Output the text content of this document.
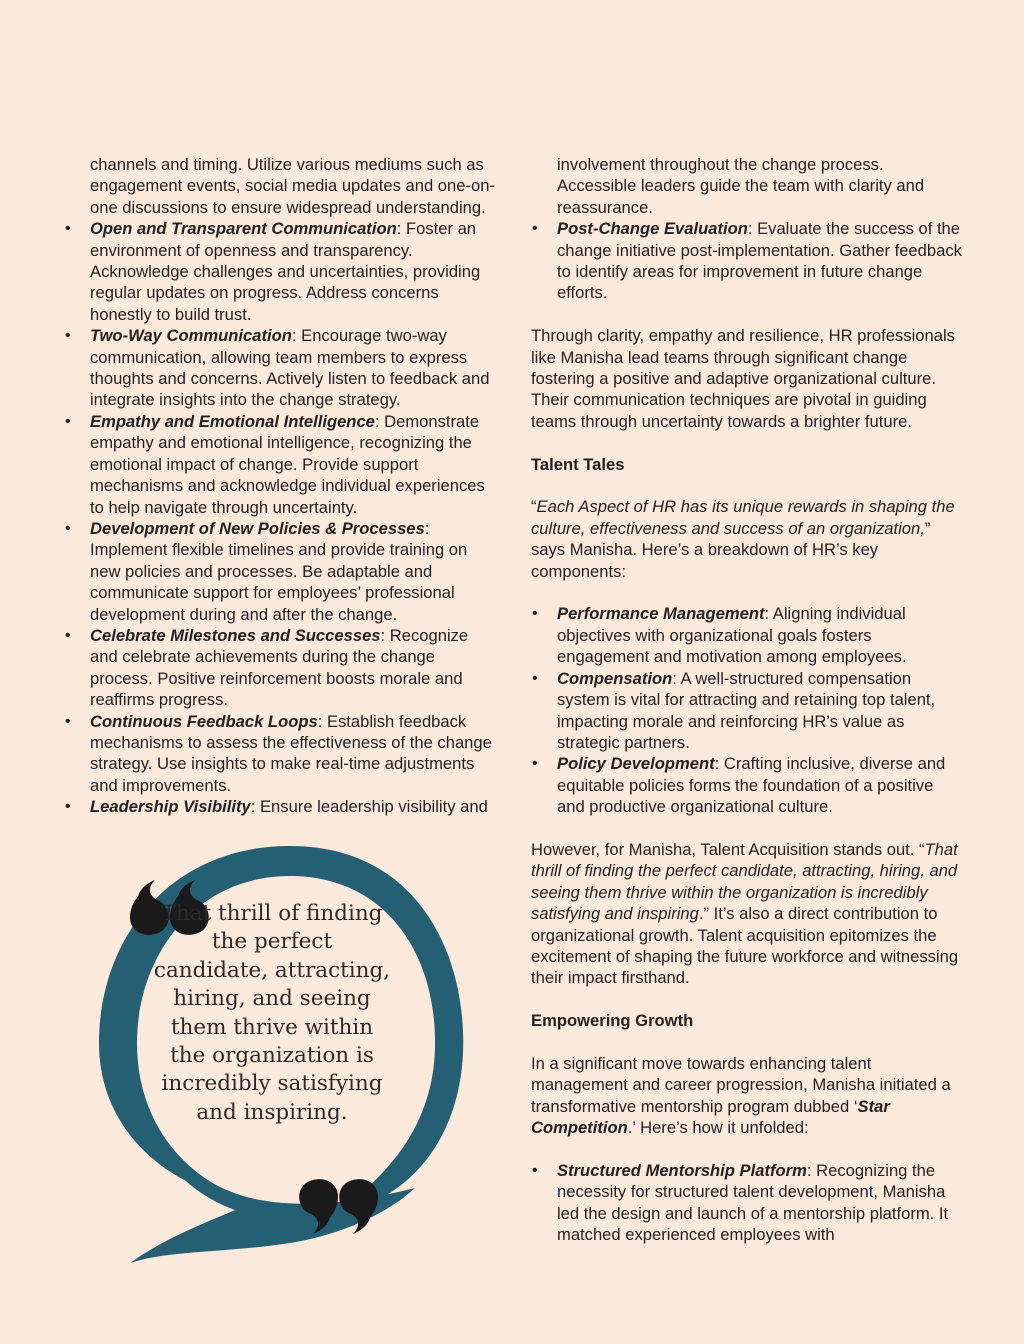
channels and timing. Utilize various mediums such as engagement events, social media updates and one-on-one discussions to ensure widespread understanding.
• Open and Transparent Communication: Foster an environment of openness and transparency. Acknowledge challenges and uncertainties, providing regular updates on progress. Address concerns honestly to build trust.
• Two-Way Communication: Encourage two-way communication, allowing team members to express thoughts and concerns. Actively listen to feedback and integrate insights into the change strategy.
• Empathy and Emotional Intelligence: Demonstrate empathy and emotional intelligence, recognizing the emotional impact of change. Provide support mechanisms and acknowledge individual experiences to help navigate through uncertainty.
• Development of New Policies & Processes: Implement flexible timelines and provide training on new policies and processes. Be adaptable and communicate support for employees’ professional development during and after the change.
• Celebrate Milestones and Successes: Recognize and celebrate achievements during the change process. Positive reinforcement boosts morale and reaffirms progress.
• Continuous Feedback Loops: Establish feedback mechanisms to assess the effectiveness of the change strategy. Use insights to make real-time adjustments and improvements.
• Leadership Visibility: Ensure leadership visibility and
That thrill of finding the perfect candidate, attracting, hiring, and seeing them thrive within the organization is incredibly satisfying and inspiring.
involvement throughout the change process. Accessible leaders guide the team with clarity and reassurance.
• Post-Change Evaluation: Evaluate the success of the change initiative post-implementation. Gather feedback to identify areas for improvement in future change efforts.

Through clarity, empathy and resilience, HR professionals like Manisha lead teams through significant change fostering a positive and adaptive organizational culture. Their communication techniques are pivotal in guiding teams through uncertainty towards a brighter future.

Talent Tales

“Each Aspect of HR has its unique rewards in shaping the culture, effectiveness and success of an organization,” says Manisha. Here’s a breakdown of HR’s key components:

• Performance Management: Aligning individual objectives with organizational goals fosters engagement and motivation among employees.
• Compensation: A well-structured compensation system is vital for attracting and retaining top talent, impacting morale and reinforcing HR’s value as strategic partners.
• Policy Development: Crafting inclusive, diverse and equitable policies forms the foundation of a positive and productive organizational culture.

However, for Manisha, Talent Acquisition stands out. “That thrill of finding the perfect candidate, attracting, hiring, and seeing them thrive within the organization is incredibly satisfying and inspiring.” It’s also a direct contribution to organizational growth. Talent acquisition epitomizes the excitement of shaping the future workforce and witnessing their impact firsthand.

Empowering Growth

In a significant move towards enhancing talent management and career progression, Manisha initiated a transformative mentorship program dubbed ‘Star Competition.’ Here’s how it unfolded:

• Structured Mentorship Platform: Recognizing the necessity for structured talent development, Manisha led the design and launch of a mentorship platform. It matched experienced employees with
